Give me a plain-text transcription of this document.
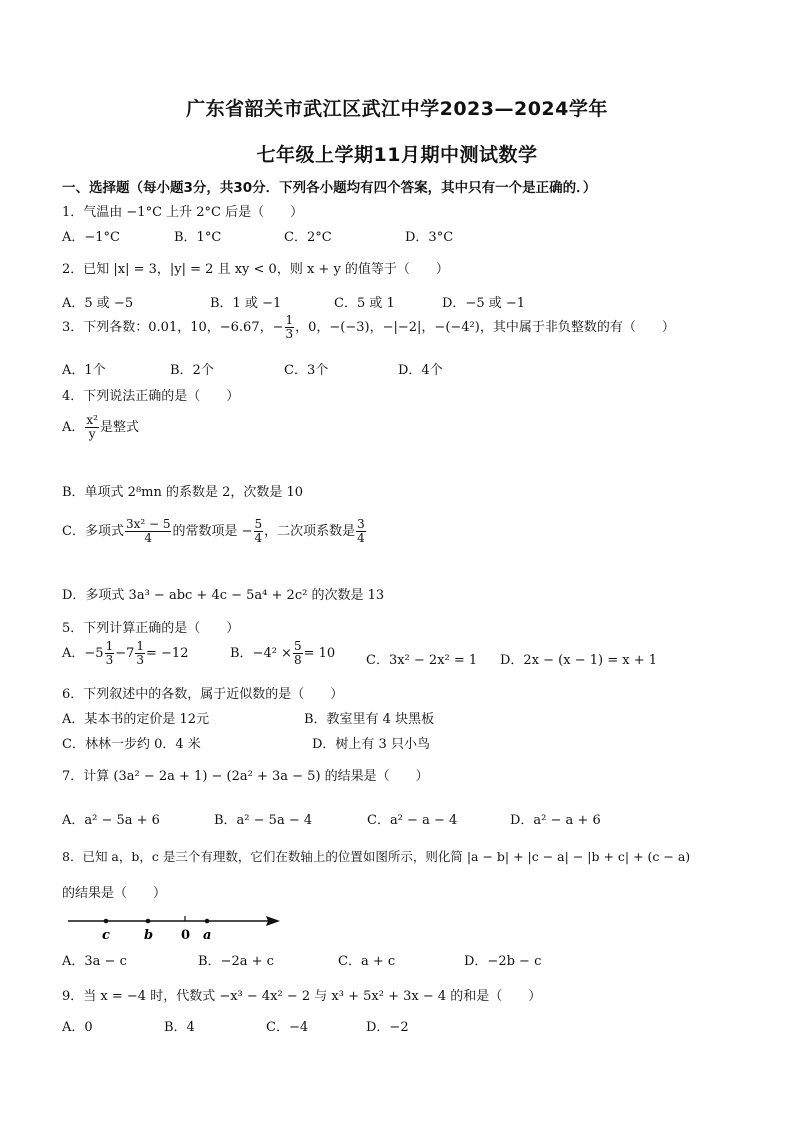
广东省韶关市武江区武江中学2023—2024学年
七年级上学期11月期中测试数学
一、选择题（每小题3分，共30分．下列各小题均有四个答案，其中只有一个是正确的．）
1．气温由 −1°C 上升 2°C 后是（　　）
A．−1°C	B．1°C	C．2°C	D．3°C
2．已知 |x| = 3，|y| = 2 且 xy < 0，则 x + y 的值等于（　　）
A．5 或 −5	B．1 或 −1	C．5 或 1	D．−5 或 −1
3．下列各数：0.01，10，−6.67，− $\frac{1}{3}$ ，0，−(−3)，−|−2|，−(−4²)，其中属于非负整数的有（　　）
A．1个	B．2个	C．3个	D．4个
4．下列说法正确的是（　　）
A． $\frac{\text{x²}}{y}$ 是整式
B．单项式 2⁸mn 的系数是 2，次数是 10
C．多项式 $\frac{\text{3x² − 5}}{4}$ 的常数项是 − $\frac{5}{4}$ ，二次项系数是 $\frac{3}{4}$
D．多项式 3a³ − abc + 4c − 5a⁴ + 2c² 的次数是 13
5．下列计算正确的是（　　）
A．$-5 \frac{1}{3} -7 \frac{1}{3} = -12$	B．$-4^2 \times \frac{5}{8} = 10$ C．3x² − 2x² = 1 D．2x − (x − 1) = x + 1
6．下列叙述中的各数，属于近似数的是（　　）
A．某本书的定价是 12元	B．教室里有 4 块黑板
C．林林一步约 0．4 米	D．树上有 3 只小鸟
7．计算 (3a² − 2a + 1) − (2a² + 3a − 5) 的结果是（　　）
A．a² − 5a + 6	B．a² − 5a − 4	C．a² − a − 4	D．a² − a + 6
8．已知 a，b，c 是三个有理数，它们在数轴上的位置如图所示，则化简 |a − b| + |c − a| − |b + c| + (c − a)
的结果是（　　）
c	b 0 a
A．3a − c	B．−2a + c	C．a + c	D．−2b − c
9．当 x = −4 时，代数式 −x³ − 4x² − 2 与 x³ + 5x² + 3x − 4 的和是（　　）
A．0	B．4	C．−4	D．−2
